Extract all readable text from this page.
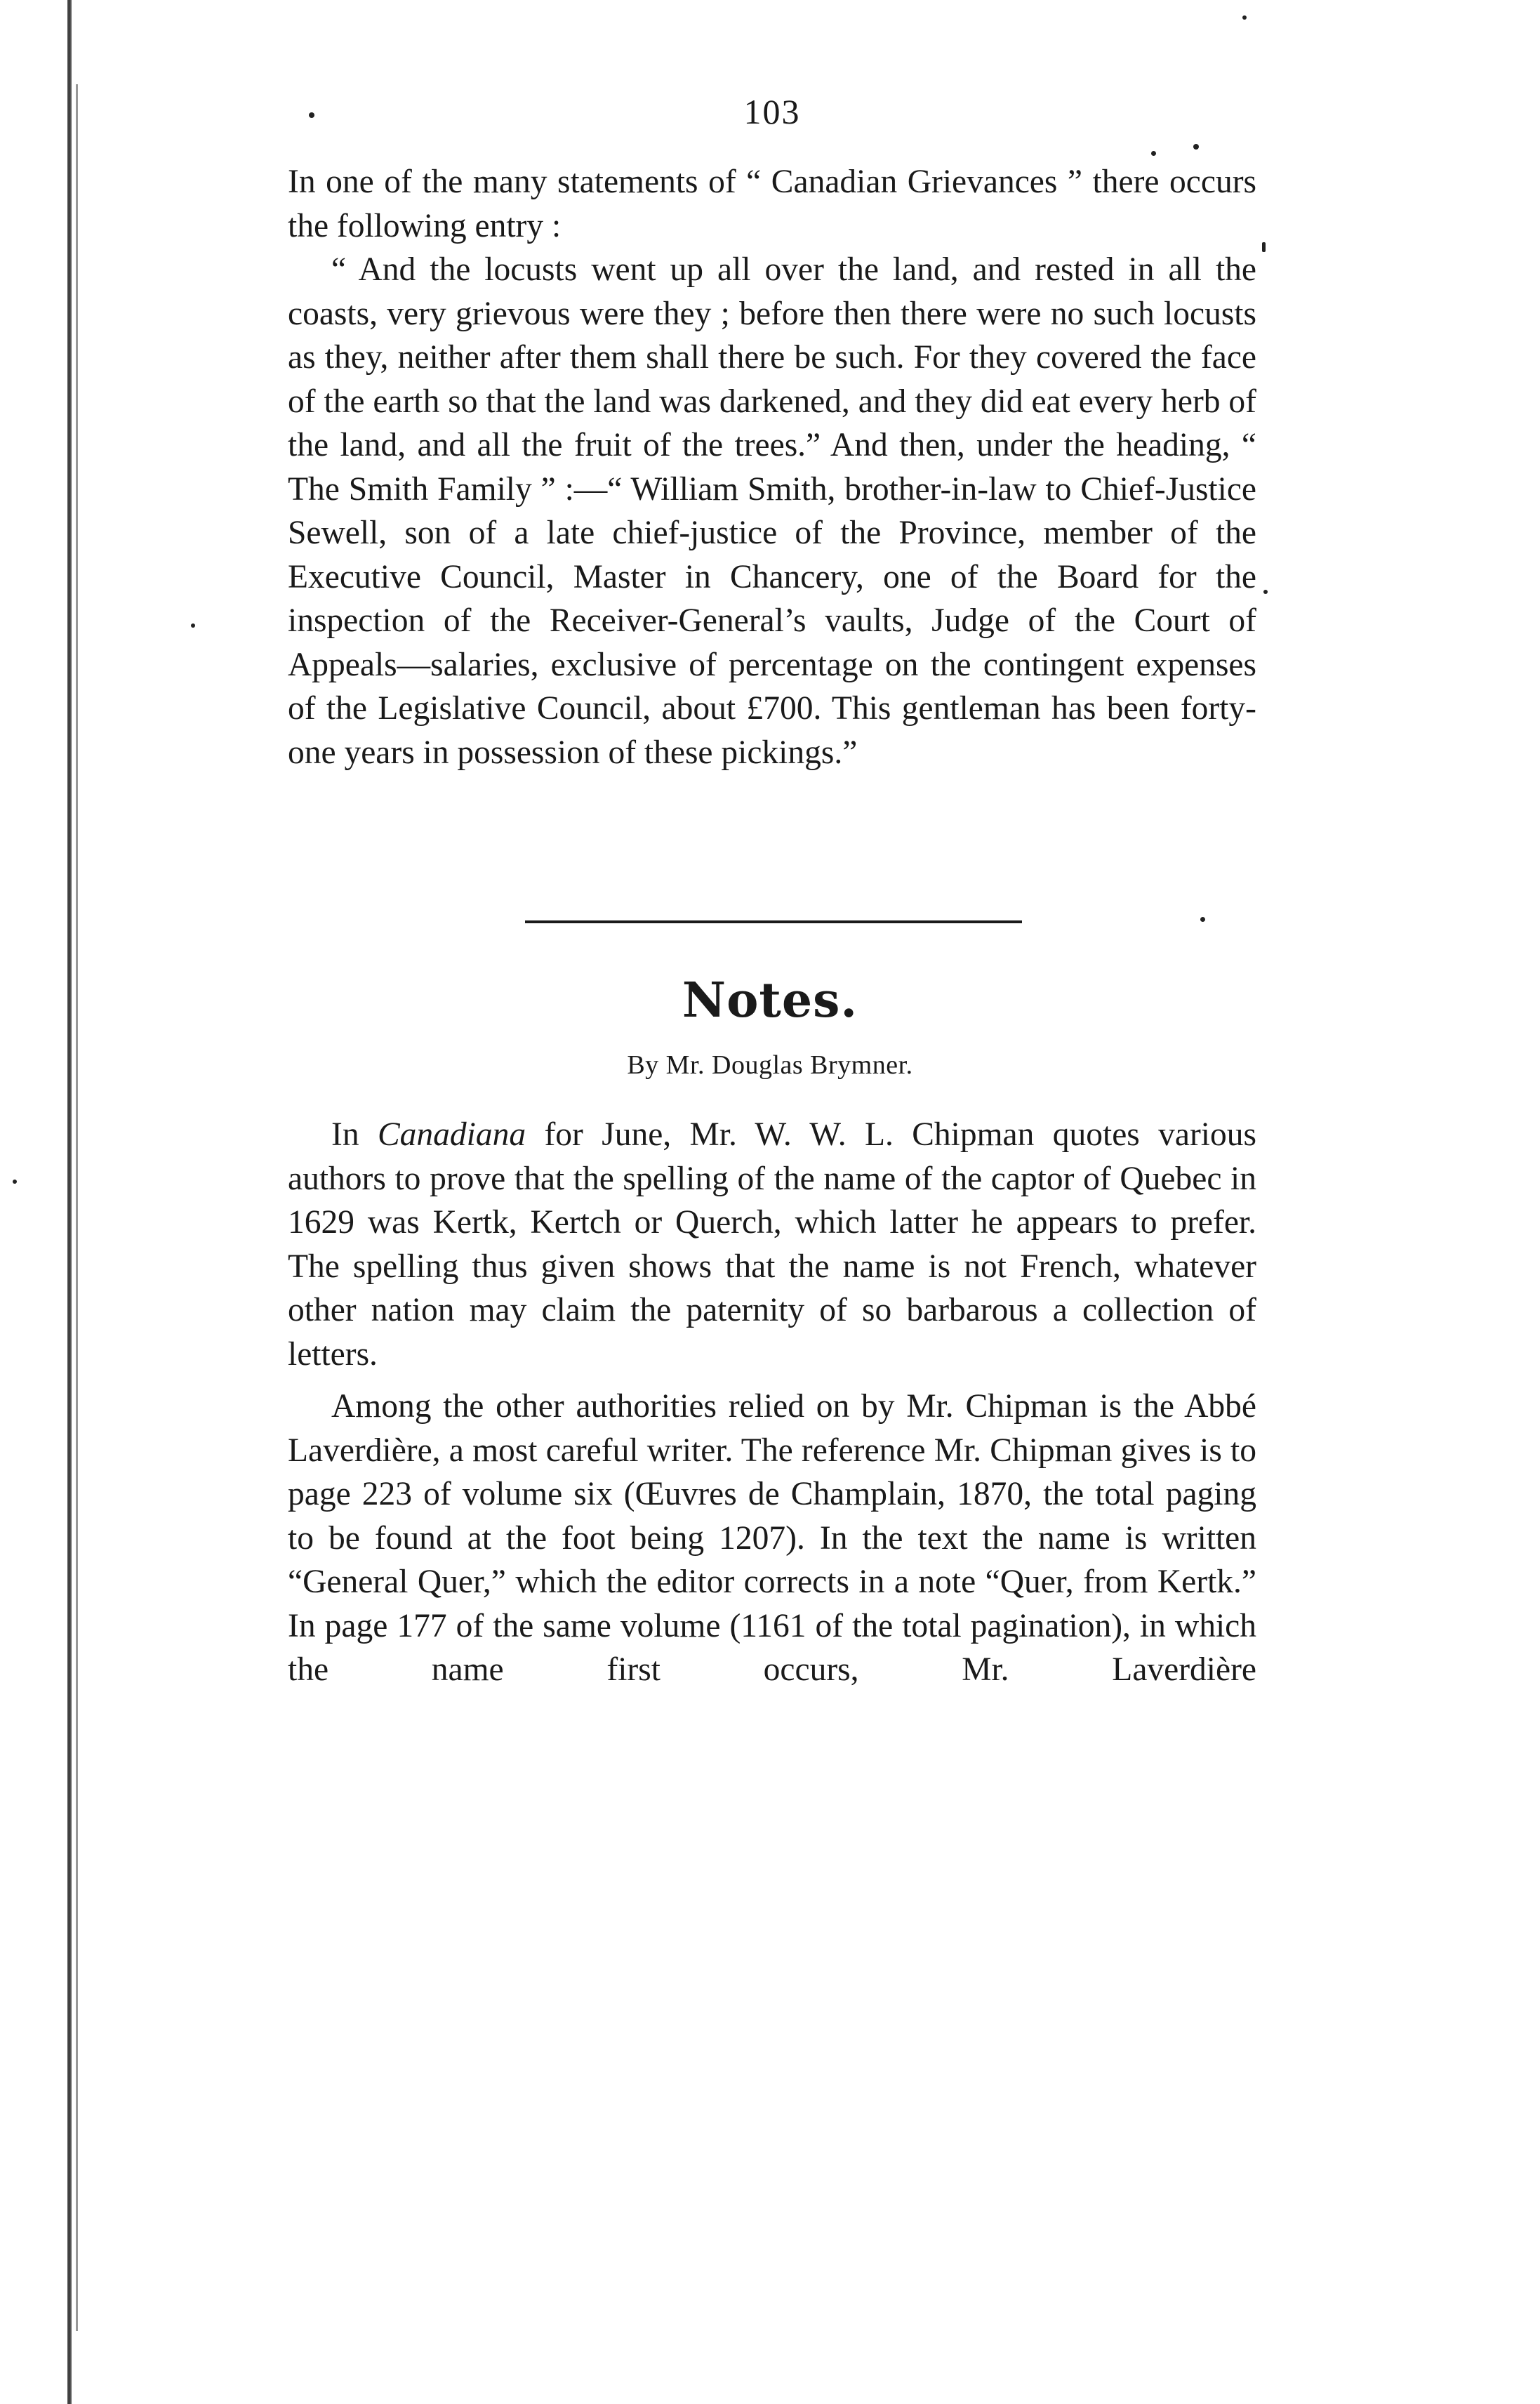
103

In one of the many statements of “ Canadian Grievances ” there occurs the following entry :

“ And the locusts went up all over the land, and rested in all the coasts, very grievous were they ; before then there were no such locusts as they, neither after them shall there be such. For they covered the face of the earth so that the land was darkened, and they did eat every herb of the land, and all the fruit of the trees.” And then, under the heading, “ The Smith Family ” :—“ William Smith, brother-in-law to Chief-Justice Sewell, son of a late chief-justice of the Province, member of the Executive Council, Master in Chancery, one of the Board for the inspection of the Receiver-General’s vaults, Judge of the Court of Appeals—salaries, exclusive of percentage on the contingent expenses of the Legislative Council, about £700. This gentleman has been forty-one years in possession of these pickings.”

Notes.
By Mr. Douglas Brymner.

In Canadiana for June, Mr. W. W. L. Chipman quotes various authors to prove that the spelling of the name of the captor of Quebec in 1629 was Kertk, Kertch or Querch, which latter he appears to prefer. The spelling thus given shows that the name is not French, whatever other nation may claim the paternity of so barbarous a collection of letters.

Among the other authorities relied on by Mr. Chipman is the Abbé Laverdière, a most careful writer. The reference Mr. Chipman gives is to page 223 of volume six (Œuvres de Champlain, 1870, the total paging to be found at the foot being 1207). In the text the name is written “General Quer,” which the editor corrects in a note “Quer, from Kertk.” In page 177 of the same volume (1161 of the total pagination), in which the name first occurs, Mr. Laverdière
